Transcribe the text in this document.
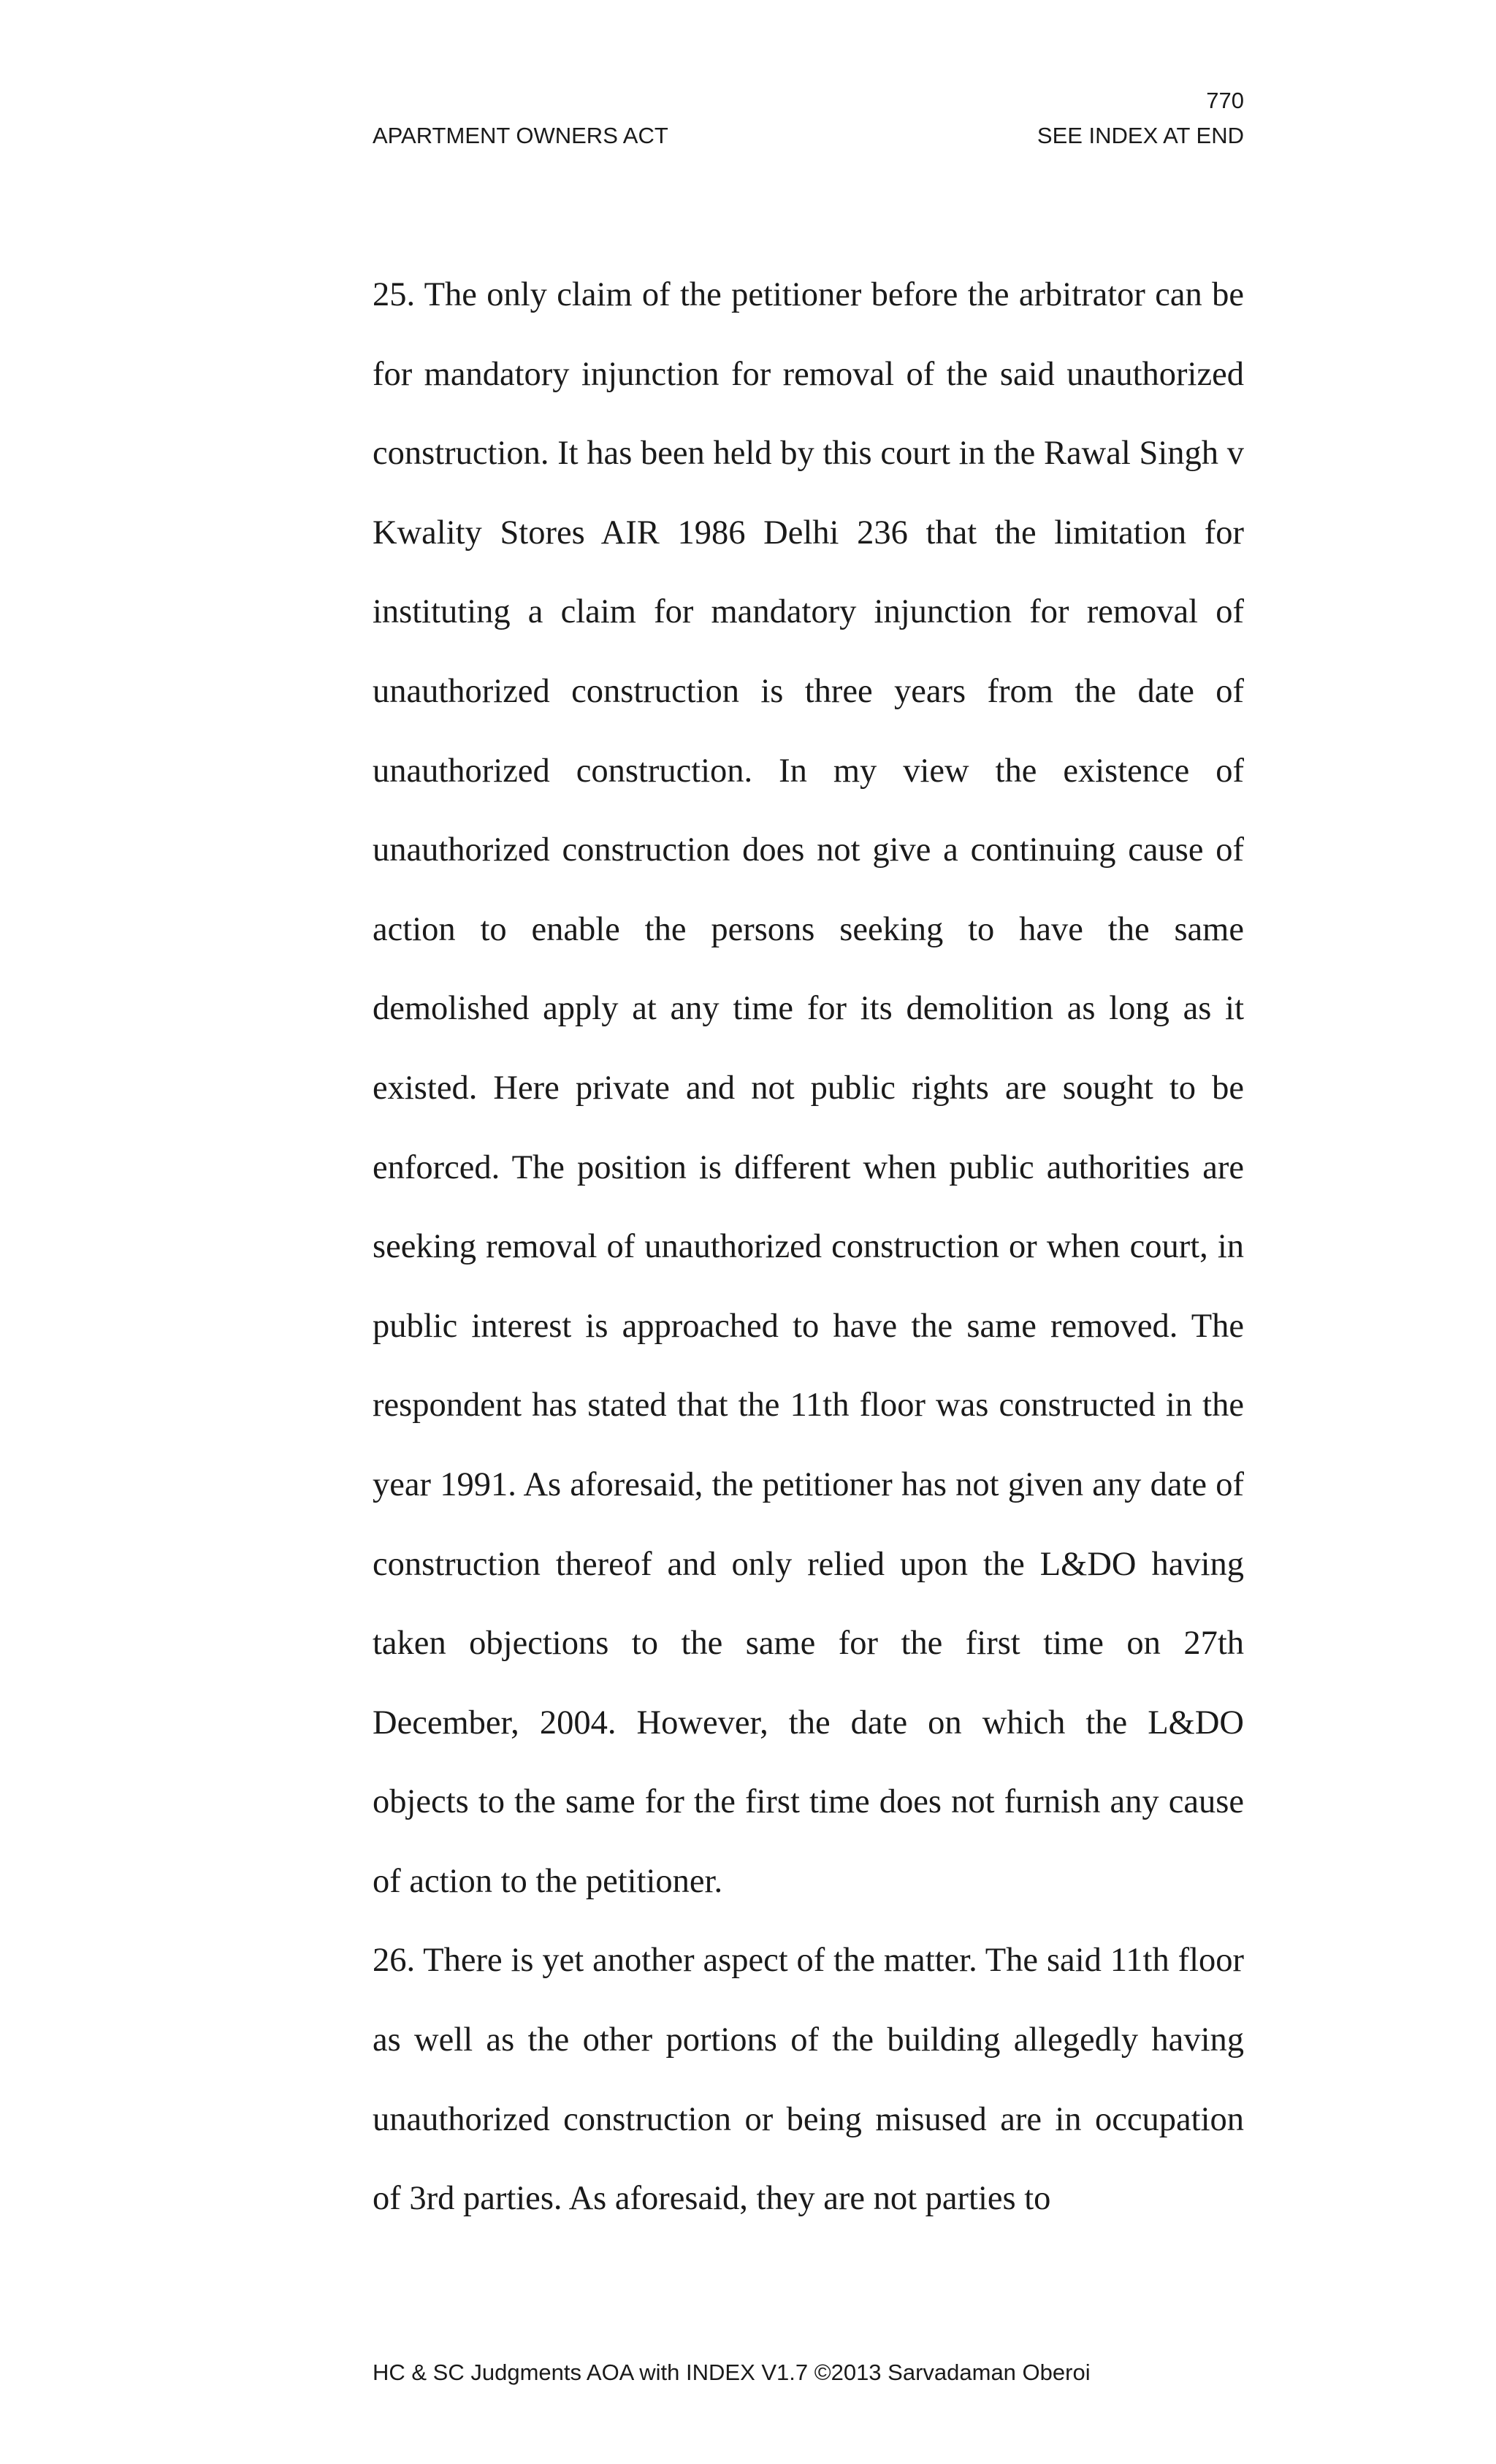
770
APARTMENT OWNERS ACT	SEE INDEX AT END

25. The only claim of the petitioner before the arbitrator can be for mandatory injunction for removal of the said unauthorized construction. It has been held by this court in the Rawal Singh v Kwality Stores AIR 1986 Delhi 236 that the limitation for instituting a claim for mandatory injunction for removal of unauthorized construction is three years from the date of unauthorized construction. In my view the existence of unauthorized construction does not give a continuing cause of action to enable the persons seeking to have the same demolished apply at any time for its demolition as long as it existed. Here private and not public rights are sought to be enforced. The position is different when public authorities are seeking removal of unauthorized construction or when court, in public interest is approached to have the same removed. The respondent has stated that the 11th floor was constructed in the year 1991. As aforesaid, the petitioner has not given any date of construction thereof and only relied upon the L&DO having taken objections to the same for the first time on 27th December, 2004. However, the date on which the L&DO objects to the same for the first time does not furnish any cause of action to the petitioner.

26. There is yet another aspect of the matter. The said 11th floor as well as the other portions of the building allegedly having unauthorized construction or being misused are in occupation of 3rd parties. As aforesaid, they are not parties to

HC & SC Judgments AOA with INDEX V1.7 ©2013 Sarvadaman Oberoi
